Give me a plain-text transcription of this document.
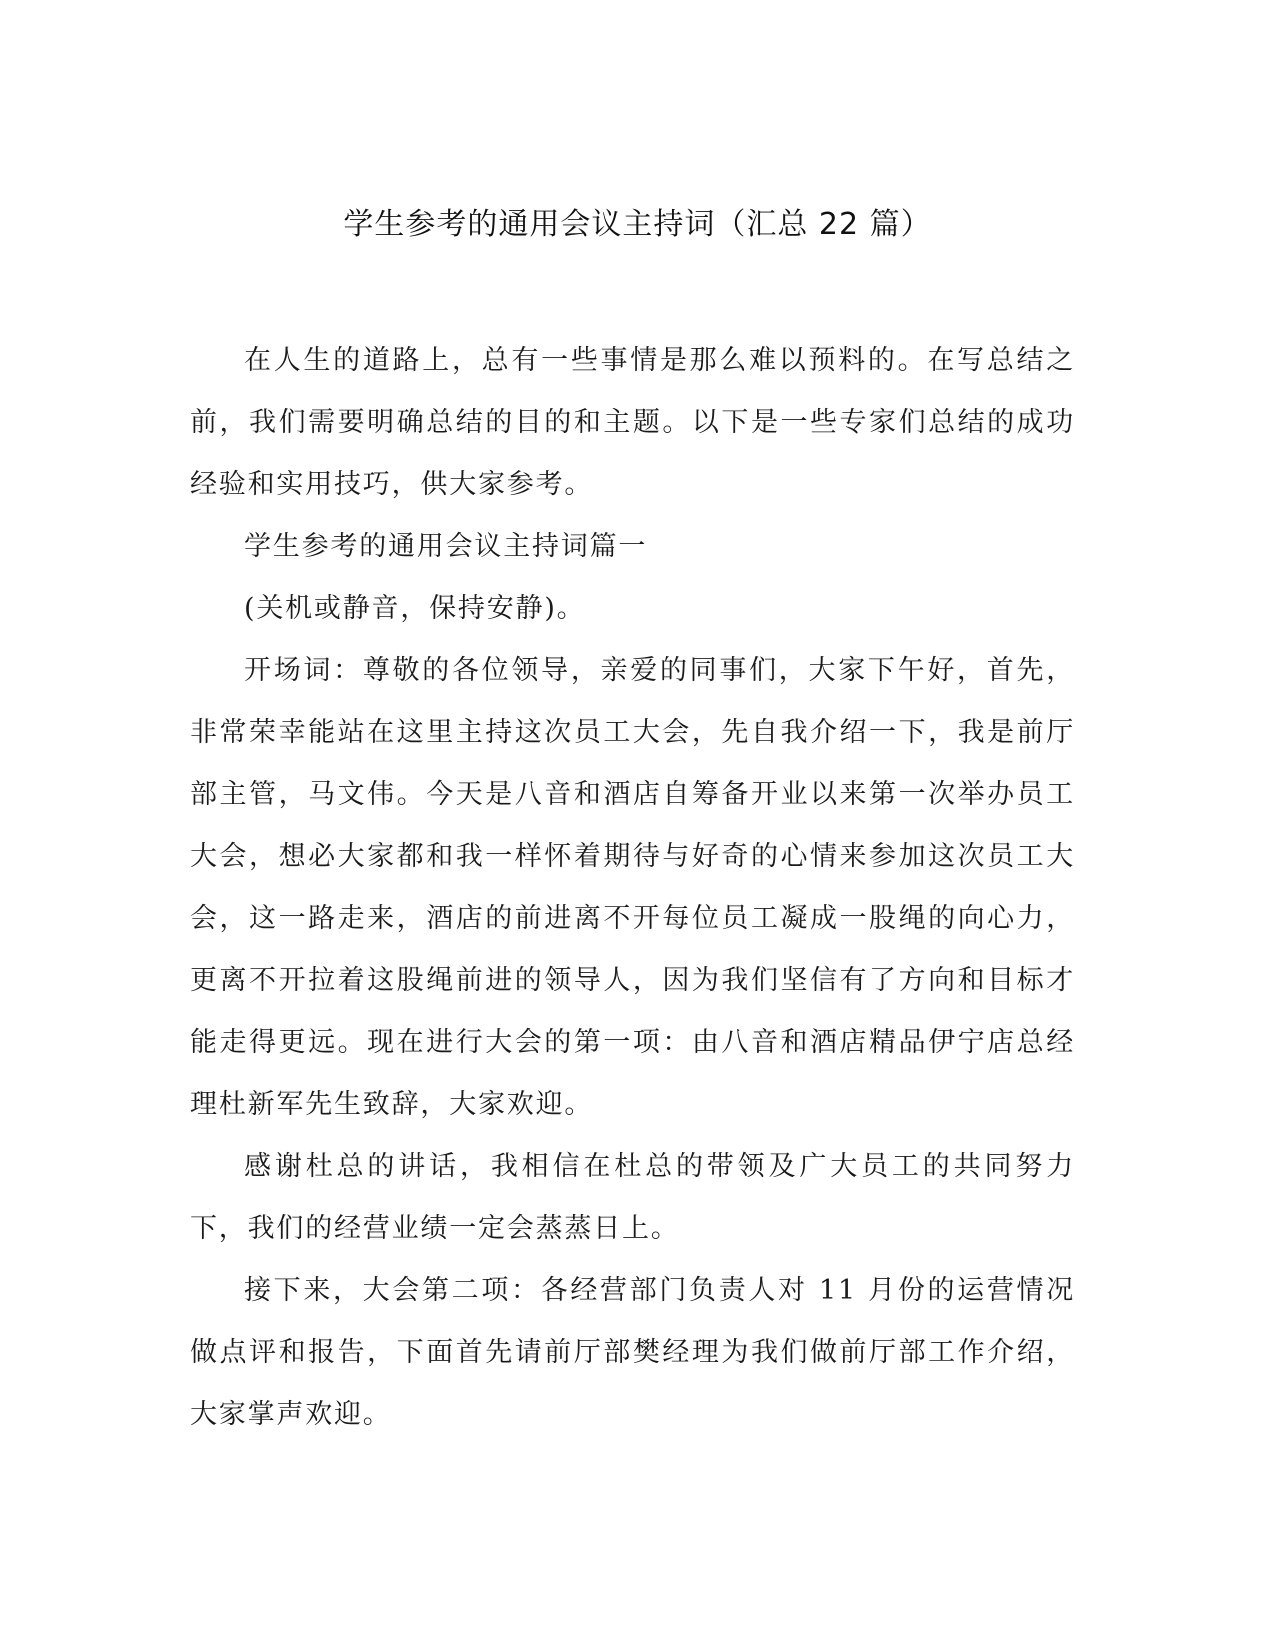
学生参考的通用会议主持词（汇总 22 篇）

在人生的道路上，总有一些事情是那么难以预料的。在写总结之前，我们需要明确总结的目的和主题。以下是一些专家们总结的成功经验和实用技巧，供大家参考。

学生参考的通用会议主持词篇一

(关机或静音，保持安静)。

开场词：尊敬的各位领导，亲爱的同事们，大家下午好，首先，非常荣幸能站在这里主持这次员工大会，先自我介绍一下，我是前厅部主管，马文伟。今天是八音和酒店自筹备开业以来第一次举办员工大会，想必大家都和我一样怀着期待与好奇的心情来参加这次员工大会，这一路走来，酒店的前进离不开每位员工凝成一股绳的向心力，更离不开拉着这股绳前进的领导人，因为我们坚信有了方向和目标才能走得更远。现在进行大会的第一项：由八音和酒店精品伊宁店总经理杜新军先生致辞，大家欢迎。

感谢杜总的讲话，我相信在杜总的带领及广大员工的共同努力下，我们的经营业绩一定会蒸蒸日上。

接下来，大会第二项：各经营部门负责人对 11 月份的运营情况做点评和报告，下面首先请前厅部樊经理为我们做前厅部工作介绍，大家掌声欢迎。
